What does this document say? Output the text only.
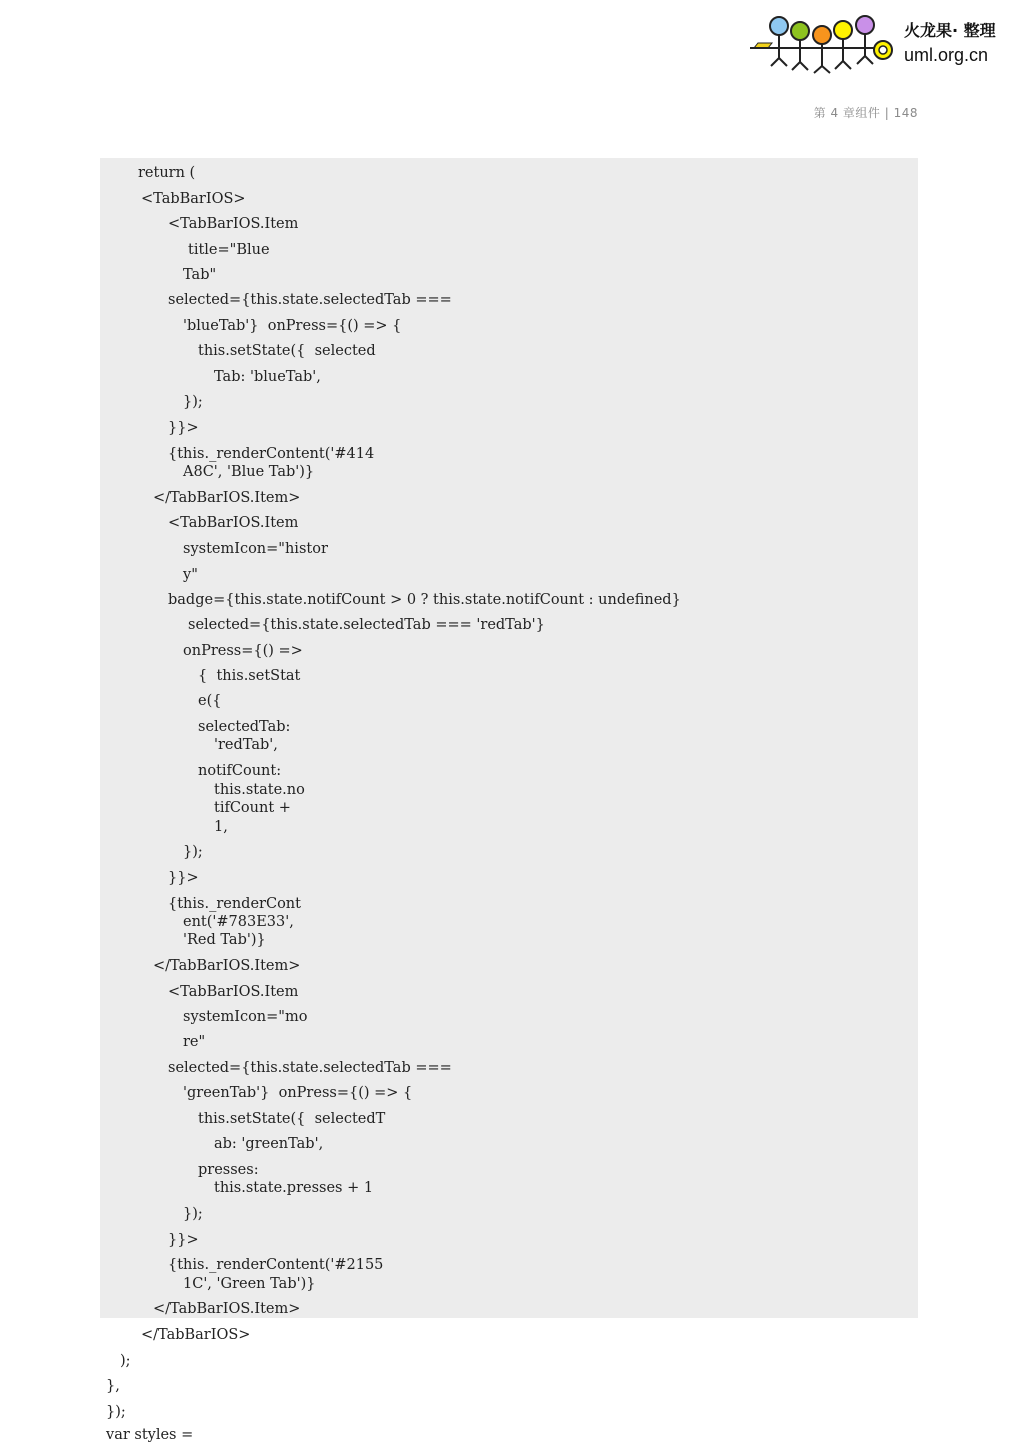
火龙果· 整理
uml.org.cn
第 4 章组件 | 148
return (
<TabBarIOS>
<TabBarIOS.Item
title="Blue
Tab"
selected={this.state.selectedTab ===
'blueTab'}  onPress={() => {
this.setState({  selected
Tab: 'blueTab',
});
}}>
{this._renderContent('#414
A8C', 'Blue Tab')}
</TabBarIOS.Item>
<TabBarIOS.Item
systemIcon="histor
y"
badge={this.state.notifCount > 0 ? this.state.notifCount : undefined}
selected={this.state.selectedTab === 'redTab'}
onPress={() =>
{  this.setStat
e({
selectedTab:
'redTab',
notifCount:
this.state.no
tifCount +
1,
});
}}>
{this._renderCont
ent('#783E33',
'Red Tab')}
</TabBarIOS.Item>
<TabBarIOS.Item
systemIcon="mo
re"
selected={this.state.selectedTab ===
'greenTab'}  onPress={() => {
this.setState({  selectedT
ab: 'greenTab',
presses:
this.state.presses + 1
});
}}>
{this._renderContent('#2155
1C', 'Green Tab')}
</TabBarIOS.Item>
</TabBarIOS>
);
},
});
var styles =
